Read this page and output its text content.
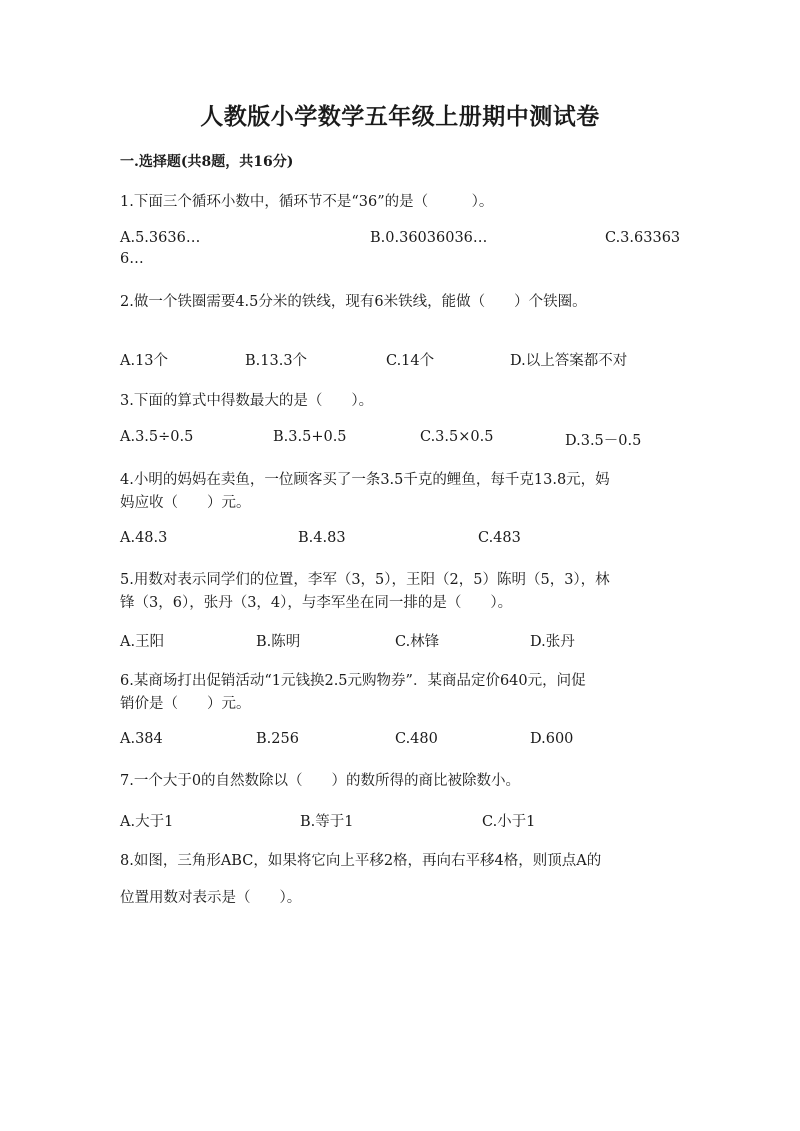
人教版小学数学五年级上册期中测试卷
一.选择题(共8题，共16分)
1.下面三个循环小数中，循环节不是“36”的是（　　　）。
A.5.3636…	B.0.36036036…	C.3.63363
6…
2.做一个铁圈需要4.5分米的铁线，现有6米铁线，能做（　　）个铁圈。
A.13个	B.13.3个	C.14个	D.以上答案都不对
3.下面的算式中得数最大的是（　　）。
A.3.5÷0.5	B.3.5+0.5	C.3.5×0.5	D.3.5－0.5
4.小明的妈妈在卖鱼，一位顾客买了一条3.5千克的鲤鱼，每千克13.8元，妈
妈应收（　　）元。
A.48.3	B.4.83	C.483
5.用数对表示同学们的位置，李军（3，5），王阳（2，5）陈明（5，3），林
锋（3，6），张丹（3，4），与李军坐在同一排的是（　　）。
A.王阳	B.陈明	C.林锋	D.张丹
6.某商场打出促销活动“1元钱换2.5元购物券”．某商品定价640元，问促
销价是（　　）元。
A.384	B.256	C.480	D.600
7.一个大于0的自然数除以（　　）的数所得的商比被除数小。
A.大于1	B.等于1	C.小于1
8.如图，三角形ABC，如果将它向上平移2格，再向右平移4格，则顶点A的
位置用数对表示是（　　）。
